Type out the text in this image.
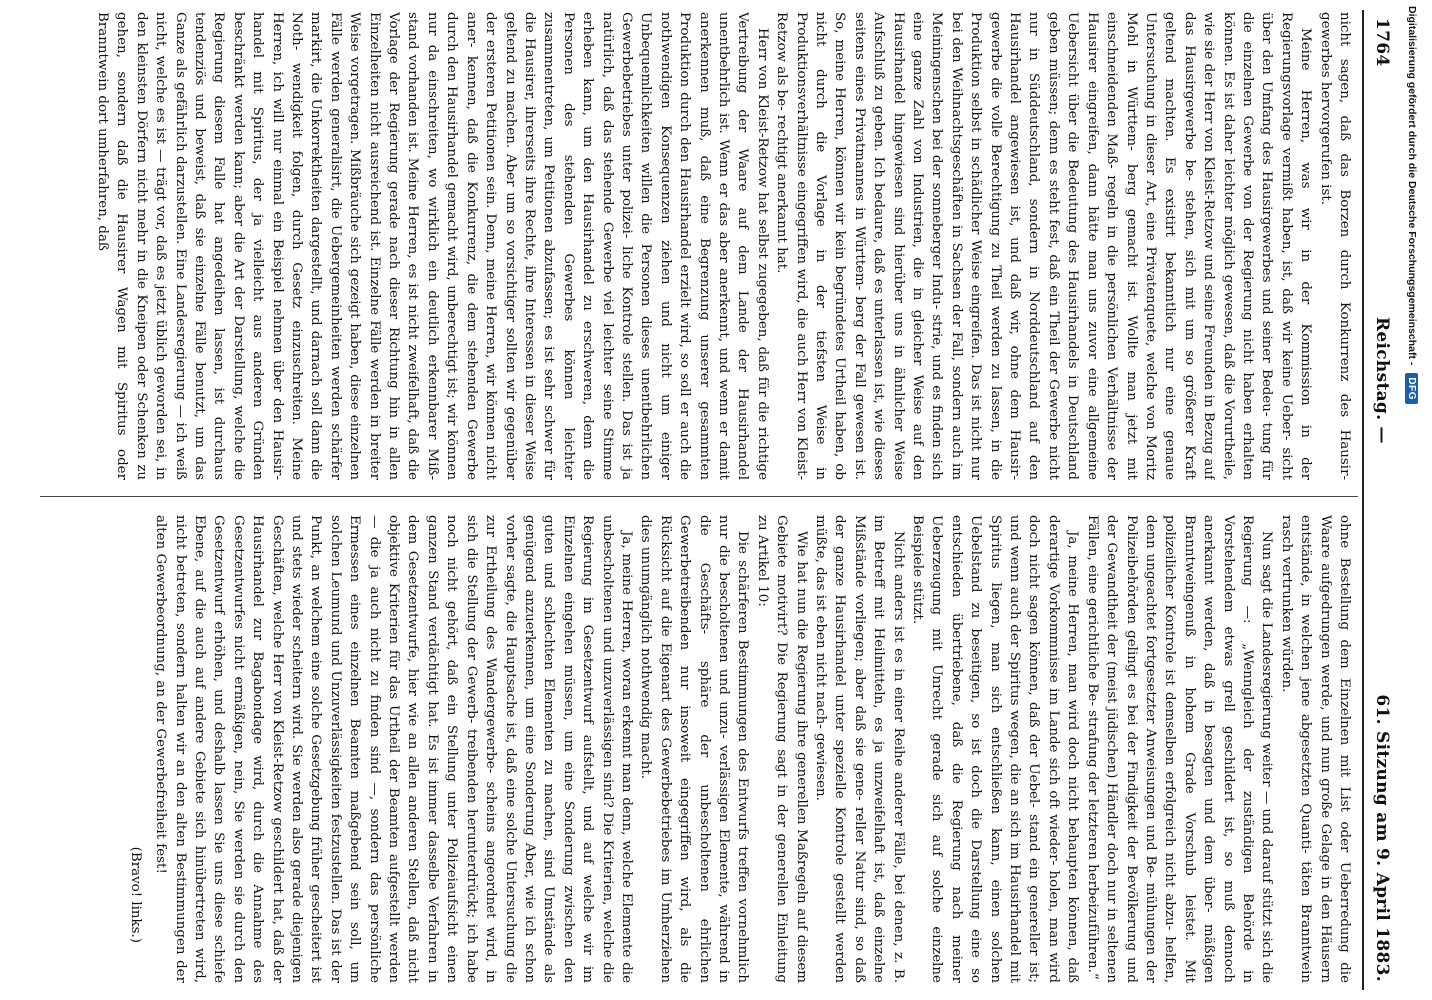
1764
Reichstag. —
61. Sitzung am 9. April 1883.

nicht sagen, daß das Borzen durch Konkurrenz des Hausir- gewerbes hervorgerufen ist.

Meine Herren, was wir in der Kommission in der Regierungsvorlage vermißt haben, ist, daß wir keine Ueber- sicht über den Umfang des Hausirgewerbes und seiner Bedeu- tung für die einzelnen Gewerbe von der Regierung nicht haben erhalten können. Es ist daher leichter möglich gewesen, daß die Vorurtheile, wie sie der Herr von Kleist-Retzow und seine Freunden in Bezug auf das Hausirgewerbe be- stehen, sich mit um so größerer Kraft geltend machten. Es existirt bekanntlich nur eine genaue Untersuchung in dieser Art, eine Privatenquete, welche von Moritz Mohl in Württem- berg gemacht ist. Wollte man jetzt mit einschneidenden Maß- regeln in die persönlichen Verhältnisse der Hausirer eingreifen, dann hätte man uns zuvor eine allgemeine Uebersicht über die Bedeutung des Hausirhandels in Deutschland geben müssen; denn es steht fest, daß ein Theil der Gewerbe nicht nur in Süddeutschland, sondern in Norddeutschland auf den Hausirhandel angewiesen ist, und daß wir, ohne dem Hausir- gewerbe die volle Berechtigung zu Theil werden zu lassen, in die Produktion selbst in schädlicher Weise eingreifen. Das ist nicht nur bei den Weihnachtsgeschäften in Sachsen der Fall, sondern auch im Meiningenschen bei der sonneberger Indu- strie, und es finden sich eine ganze Zahl von Industrien, die in gleicher Weise auf den Hausirhandel hingewiesen sind hierüber uns in ähnlicher Weise Aufschluß zu geben. Ich bedaure, daß es unterlassen ist, wie dieses seitens eines Privatmannes in Württem- berg der Fall gewesen ist. So, meine Herren, können wir kein begründetes Urtheil haben, ob nicht durch die Vorlage in der tiefsten Weise in Produktionsverhältnisse eingegriffen wird, die auch Herr von Kleist-Retzow als be- rechtigt anerkannt hat.

Herr von Kleist-Retzow hat selbst zugegeben, daß für die richtige Vertreibung der Waare auf dem Lande der Hausirhandel unentbehrlich ist. Wenn er das aber anerkennt, und wenn er damit anerkennen muß, daß eine Begrenzung unserer gesammten Produktion durch den Hausirhandel erzielt wird, so soll er auch die nothwendigen Konsequenzen ziehen und nicht um einiger Unbequemlichkeiten willen die Personen dieses unentbehrlichen Gewerbebetriebes unter polizei- liche Kontrole stellen. Das ist ja natürlich, daß das stehende Gewerbe viel leichter seine Stimme erheben kann, um den Hausirhandel zu erschweren, denn die Personen des stehenden Gewerbes können leichter zusammentreten, um Petitionen abzufassen; es ist sehr schwer für die Hausirer, ihrerseits ihre Rechte, ihre Interessen in dieser Weise geltend zu machen. Aber um so vorsichtiger sollten wir gegenüber der ersteren Petitionen sein. Denn, meine Herren, wir können nicht aner- kennen, daß die Konkurrenz, die dem stehenden Gewerbe durch den Hausirhandel gemacht wird, unberechtigt ist; wir können nur da einschreiten, wo wirklich ein deutlich erkennbarer Miß- stand vorhanden ist. Meine Herren, es ist nicht zweifelhaft, daß die Vorlage der Regierung gerade nach dieser Richtung hin in allen Einzelheiten nicht ausreichend ist. Einzelne Fälle werden in breiter Weise vorgetragen. Mißbräuche sich gezeigt haben, diese einzelnen Fälle werden generalisirt, die Uebergemeinheiten werden schärfer markirt, die Unkorrektheiten dargestellt, und darnach soll dann die Noth- wendigkeit folgen, durch Gesetz einzuschreiten. Meine Herren, ich will nur einmal ein Beispiel nehmen über den Hausir- handel mit Spiritus, der ja vielleicht aus anderen Gründen beschränkt werden kann; aber die Art der Darstellung, welche die Regierung diesem Falle hat angedeihen lassen, ist durchaus tendenziös und beweist, daß sie einzelne Fälle benutzt, um das Ganze als gefährlich darzustellen. Eine Landesregierung — ich weiß nicht, welche es ist — trägt vor, daß es jetzt üblich geworden sei, in den kleinsten Dörfern nicht mehr in die Kneipen oder Schenken zu gehen, sondern daß die Hausirer Wagen mit Spiritus oder Branntwein dort umherfahren, daß

ohne Bestellung dem Einzelnen mit List oder Ueberredung die Waare aufgedrungen werde, und nun große Gelage in den Häusern entstände, in welchen jene abgesetzten Quanti- täten Branntwein rasch vertrunken würden.

Nun sagt die Landesregierung weiter — und darauf stützt sich die Regierung —: „Wenngleich der zuständigen Behörde in Vorstehendem etwas grell geschildert ist, so muß dennoch anerkannt werden, daß in besagten und dem über- mäßigen Branntweingenuß in hohem Grade Vorschub leistet. Mit polizeilicher Kontrole ist demselben erfolgreich nicht abzu- helfen, denn ungeachtet fortgesetzter Anweisungen und Be- mühungen der Polizeibehörden gelingt es bei der Findigkeit der Bevölkerung und der Gewandtheit der (meist jüdischen) Händler doch nur in seltenen Fällen, eine gerichtliche Be- strafung der letzteren herbeizuführen.“

Ja, meine Herren, man wird doch nicht behaupten können, daß derartige Vorkommnisse im Lande sich oft wieder- holen, man wird doch nicht sagen können, daß der Uebel- stand ein genereller ist; und wenn auch der Spiritus wegen, die an sich im Hausirhandel mit Spiritus liegen, man sich entschließen kann, einen solchen Uebelstand zu beseitigen, so ist doch die Darstellung eine so entschieden übertriebene, daß die Regierung nach meiner Ueberzeugung mit Unrecht gerade sich auf solche einzelne Beispiele stützt.

Nicht anders ist es in einer Reihe anderer Fälle, bei denen, z. B. im Betreff mit Heilmitteln, es ja unzweifelhaft ist, daß einzelne Mißstände vorliegen; aber daß sie gene- reller Natur sind, so daß der ganze Hausirhandel unter spezielle Kontrole gestellt werden müßte, das ist eben nicht nach- gewiesen.

Wie hat nun die Regierung ihre generellen Maßregeln auf diesem Gebiete motivirt? Die Regierung sagt in der generellen Einleitung zu Artikel 10:

Die schärferen Bestimmungen des Entwurfs treffen vornehmlich nur die bescholtenen und unzu- verlässigen Elemente, während in die Geschäfts- sphäre der unbescholtenen ehrlichen Gewerbetreibenden nur insoweit eingegriffen wird, als die Rücksicht auf die Eigenart des Gewerbebetriebes im Umherziehen dies unumgänglich nothwendig macht.

Ja, meine Herren, woran erkennt man denn, welche Elemente die unbescholtenen und unzuverlässigen sind? Die Kriterien, welche die Regierung im Gesetzentwurf aufstellt, und auf welche wir im Einzelnen eingehen müssen, um eine Sonderung zwischen den guten und schlechten Elementen zu machen, sind Umstände als genügend anzuerkennen, um eine Sonderung Aber, wie ich schon vorher sagte, die Hauptsache ist, daß eine solche Untersuchung die zur Ertheilung des Wandergewerbe- scheins angeordnet wird, in sich die Stellung der Gewerb- treibenden herunterdrückt; ich habe noch nicht gehört, daß ein Stellung unter Polizeiaufsicht einen ganzen Stand verdächtigt hat. Es ist immer dasselbe Verfahren in dem Gesetzentwurfe, hier wie an allen anderen Stellen, daß nicht objektive Kriterien für das Urtheil der Beamten aufgestellt werden — die ja auch nicht zu finden sind —, sondern das persönliche Ermessen eines einzelnen Beamten maßgebend sein soll, um solchen Leumund und Unzuverlässigkeiten festzustellen. Das ist der Punkt, an welchem eine solche Gesetzgebung früher gescheitert ist und stets wieder scheitern wird. Sie werden also gerade diejenigen Geschäften, welche Herr von Kleist-Retzow geschildert hat, daß der Hausirhandel zur Bagabondage wird, durch die Annahme des Gesetzentwurfes nicht ermäßigen, nein, Sie werden sie durch den Gesetzentwurf erhöhen, und deshalb lassen Sie uns diese schiefe Ebene, auf die auch auf andere Gebiete sich hinübertreten wird, nicht betreten, sondern halten wir an den alten Bestimmungen der alten Gewerbeordnung, an der Gewerbefreiheit fest!

(Bravo! links.)

Digitalisierung gefördert durch die Deutsche Forschungsgemeinschaft -
DFG
